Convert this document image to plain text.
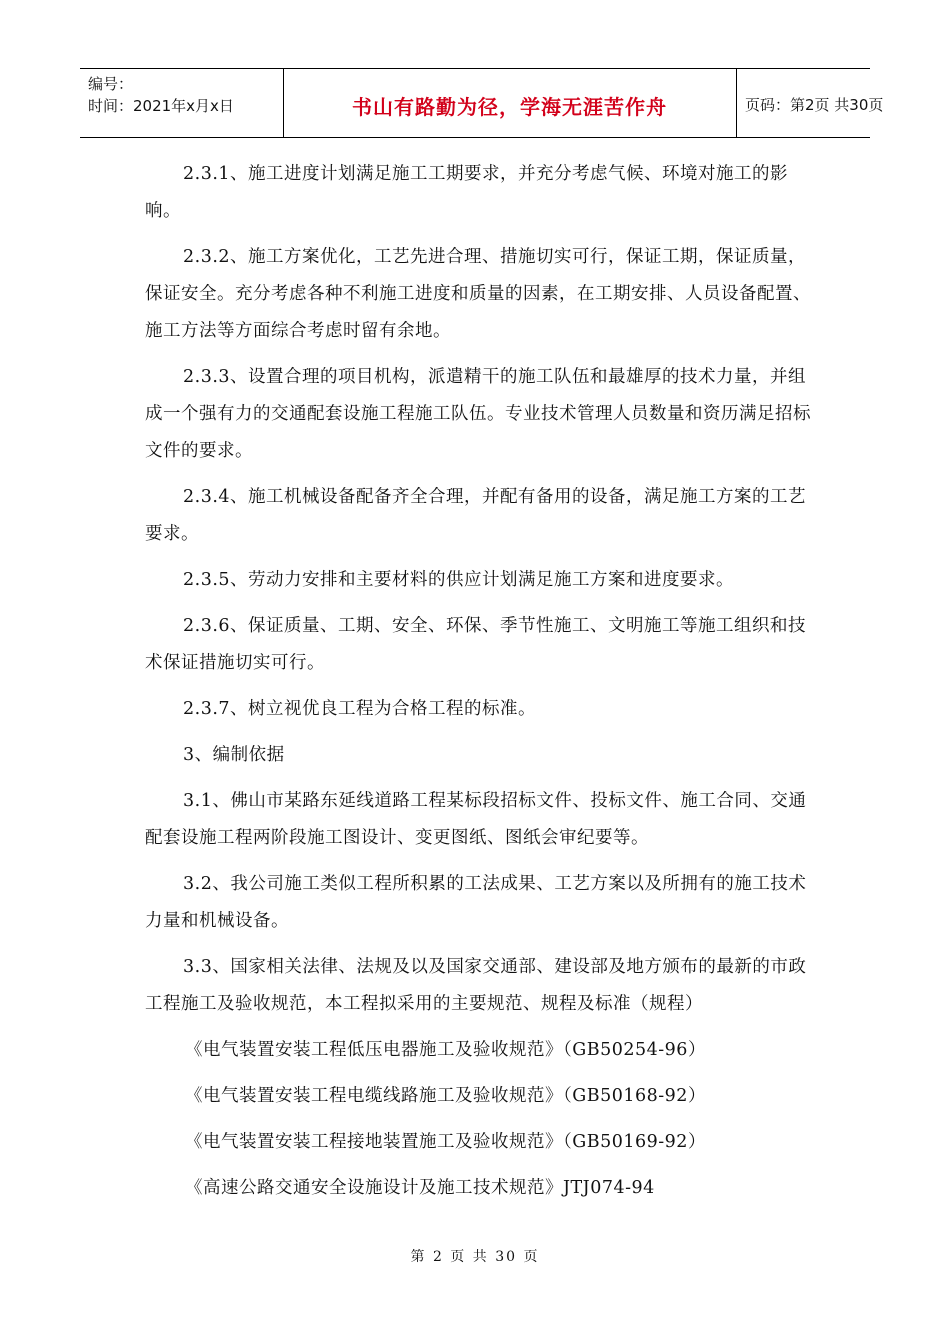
编号：
时间：2021年x月x日	书山有路勤为径，学海无涯苦作舟	页码：第2页 共30页

2.3.1、施工进度计划满足施工工期要求，并充分考虑气候、环境对施工的影响。

2.3.2、施工方案优化，工艺先进合理、措施切实可行，保证工期，保证质量，保证安全。充分考虑各种不利施工进度和质量的因素，在工期安排、人员设备配置、施工方法等方面综合考虑时留有余地。

2.3.3、设置合理的项目机构，派遣精干的施工队伍和最雄厚的技术力量，并组成一个强有力的交通配套设施工程施工队伍。专业技术管理人员数量和资历满足招标文件的要求。

2.3.4、施工机械设备配备齐全合理，并配有备用的设备，满足施工方案的工艺要求。

2.3.5、劳动力安排和主要材料的供应计划满足施工方案和进度要求。

2.3.6、保证质量、工期、安全、环保、季节性施工、文明施工等施工组织和技术保证措施切实可行。

2.3.7、树立视优良工程为合格工程的标准。

3、编制依据

3.1、佛山市某路东延线道路工程某标段招标文件、投标文件、施工合同、交通配套设施工程两阶段施工图设计、变更图纸、图纸会审纪要等。

3.2、我公司施工类似工程所积累的工法成果、工艺方案以及所拥有的施工技术力量和机械设备。

3.3、国家相关法律、法规及以及国家交通部、建设部及地方颁布的最新的市政工程施工及验收规范，本工程拟采用的主要规范、规程及标准（规程）

《电气装置安装工程低压电器施工及验收规范》（GB50254-96）
《电气装置安装工程电缆线路施工及验收规范》（GB50168-92）
《电气装置安装工程接地装置施工及验收规范》（GB50169-92）
《高速公路交通安全设施设计及施工技术规范》JTJ074-94
第 2 页 共 30 页
